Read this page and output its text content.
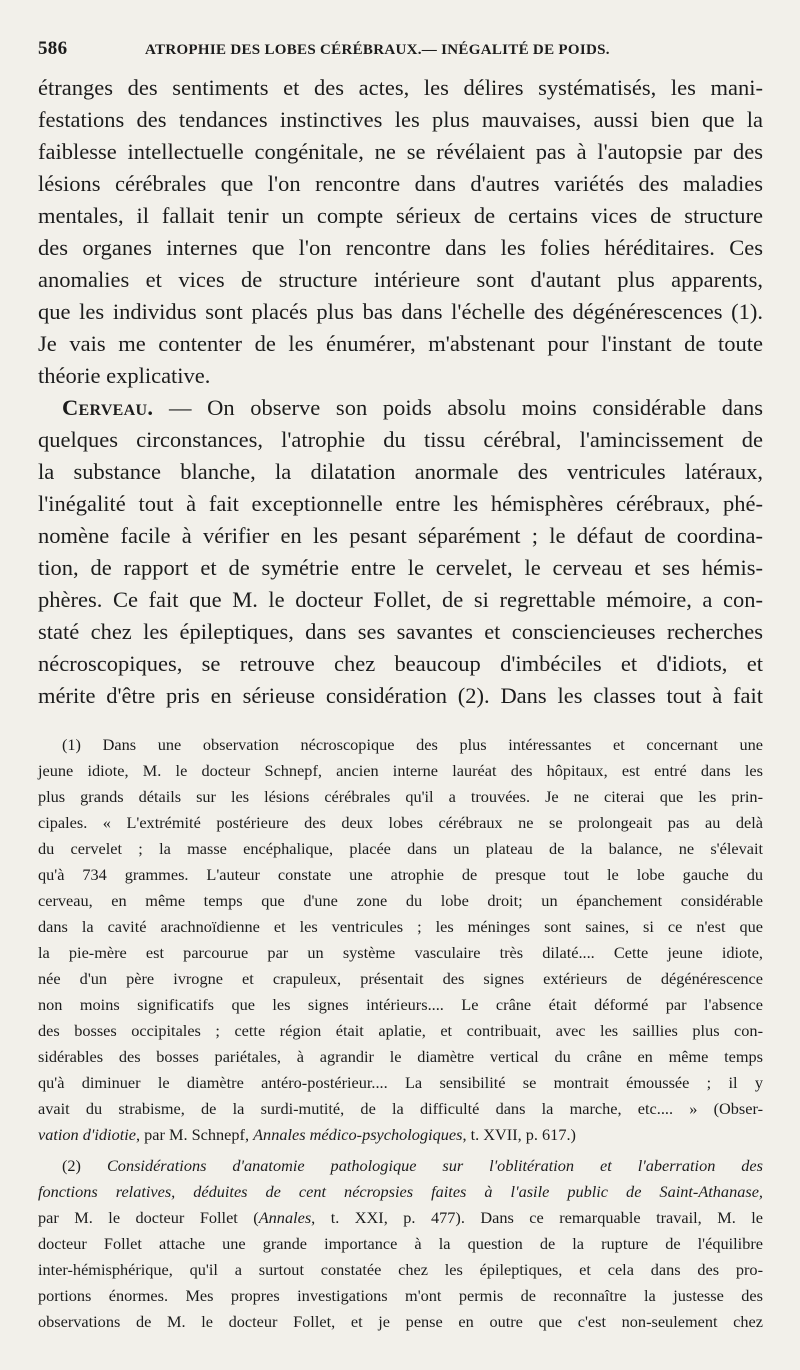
586	ATROPHIE DES LOBES CÉRÉBRAUX.— INÉGALITÉ DE POIDS.
étranges des sentiments et des actes, les délires systématisés, les mani-
festations des tendances instinctives les plus mauvaises, aussi bien que la
faiblesse intellectuelle congénitale, ne se révélaient pas à l'autopsie par des
lésions cérébrales que l'on rencontre dans d'autres variétés des maladies
mentales, il fallait tenir un compte sérieux de certains vices de structure
des organes internes que l'on rencontre dans les folies héréditaires. Ces
anomalies et vices de structure intérieure sont d'autant plus apparents,
que les individus sont placés plus bas dans l'échelle des dégénérescences (1).
Je vais me contenter de les énumérer, m'abstenant pour l'instant de toute
théorie explicative.
Cerveau. — On observe son poids absolu moins considérable dans
quelques circonstances, l'atrophie du tissu cérébral, l'amincissement de
la substance blanche, la dilatation anormale des ventricules latéraux,
l'inégalité tout à fait exceptionnelle entre les hémisphères cérébraux, phé-
nomène facile à vérifier en les pesant séparément ; le défaut de coordina-
tion, de rapport et de symétrie entre le cervelet, le cerveau et ses hémis-
phères. Ce fait que M. le docteur Follet, de si regrettable mémoire, a con-
staté chez les épileptiques, dans ses savantes et consciencieuses recherches
nécroscopiques, se retrouve chez beaucoup d'imbéciles et d'idiots, et
mérite d'être pris en sérieuse considération (2). Dans les classes tout à fait
(1) Dans une observation nécroscopique des plus intéressantes et concernant une
jeune idiote, M. le docteur Schnepf, ancien interne lauréat des hôpitaux, est entré dans les
plus grands détails sur les lésions cérébrales qu'il a trouvées. Je ne citerai que les prin-
cipales. « L'extrémité postérieure des deux lobes cérébraux ne se prolongeait pas au delà
du cervelet ; la masse encéphalique, placée dans un plateau de la balance, ne s'élevait
qu'à 734 grammes. L'auteur constate une atrophie de presque tout le lobe gauche du
cerveau, en même temps que d'une zone du lobe droit; un épanchement considérable
dans la cavité arachnoïdienne et les ventricules ; les méninges sont saines, si ce n'est que
la pie-mère est parcourue par un système vasculaire très dilaté.... Cette jeune idiote,
née d'un père ivrogne et crapuleux, présentait des signes extérieurs de dégénérescence
non moins significatifs que les signes intérieurs.... Le crâne était déformé par l'absence
des bosses occipitales ; cette région était aplatie, et contribuait, avec les saillies plus con-
sidérables des bosses pariétales, à agrandir le diamètre vertical du crâne en même temps
qu'à diminuer le diamètre antéro-postérieur.... La sensibilité se montrait émoussée ; il y
avait du strabisme, de la surdi-mutité, de la difficulté dans la marche, etc.... » (Obser-
vation d'idiotie, par M. Schnepf, Annales médico-psychologiques, t. XVII, p. 617.)
(2) Considérations d'anatomie pathologique sur l'oblitération et l'aberration des
fonctions relatives, déduites de cent nécropsies faites à l'asile public de Saint-Athanase,
par M. le docteur Follet (Annales, t. XXI, p. 477). Dans ce remarquable travail, M. le
docteur Follet attache une grande importance à la question de la rupture de l'équilibre
inter-hémisphérique, qu'il a surtout constatée chez les épileptiques, et cela dans des pro-
portions énormes. Mes propres investigations m'ont permis de reconnaître la justesse des
observations de M. le docteur Follet, et je pense en outre que c'est non-seulement chez
